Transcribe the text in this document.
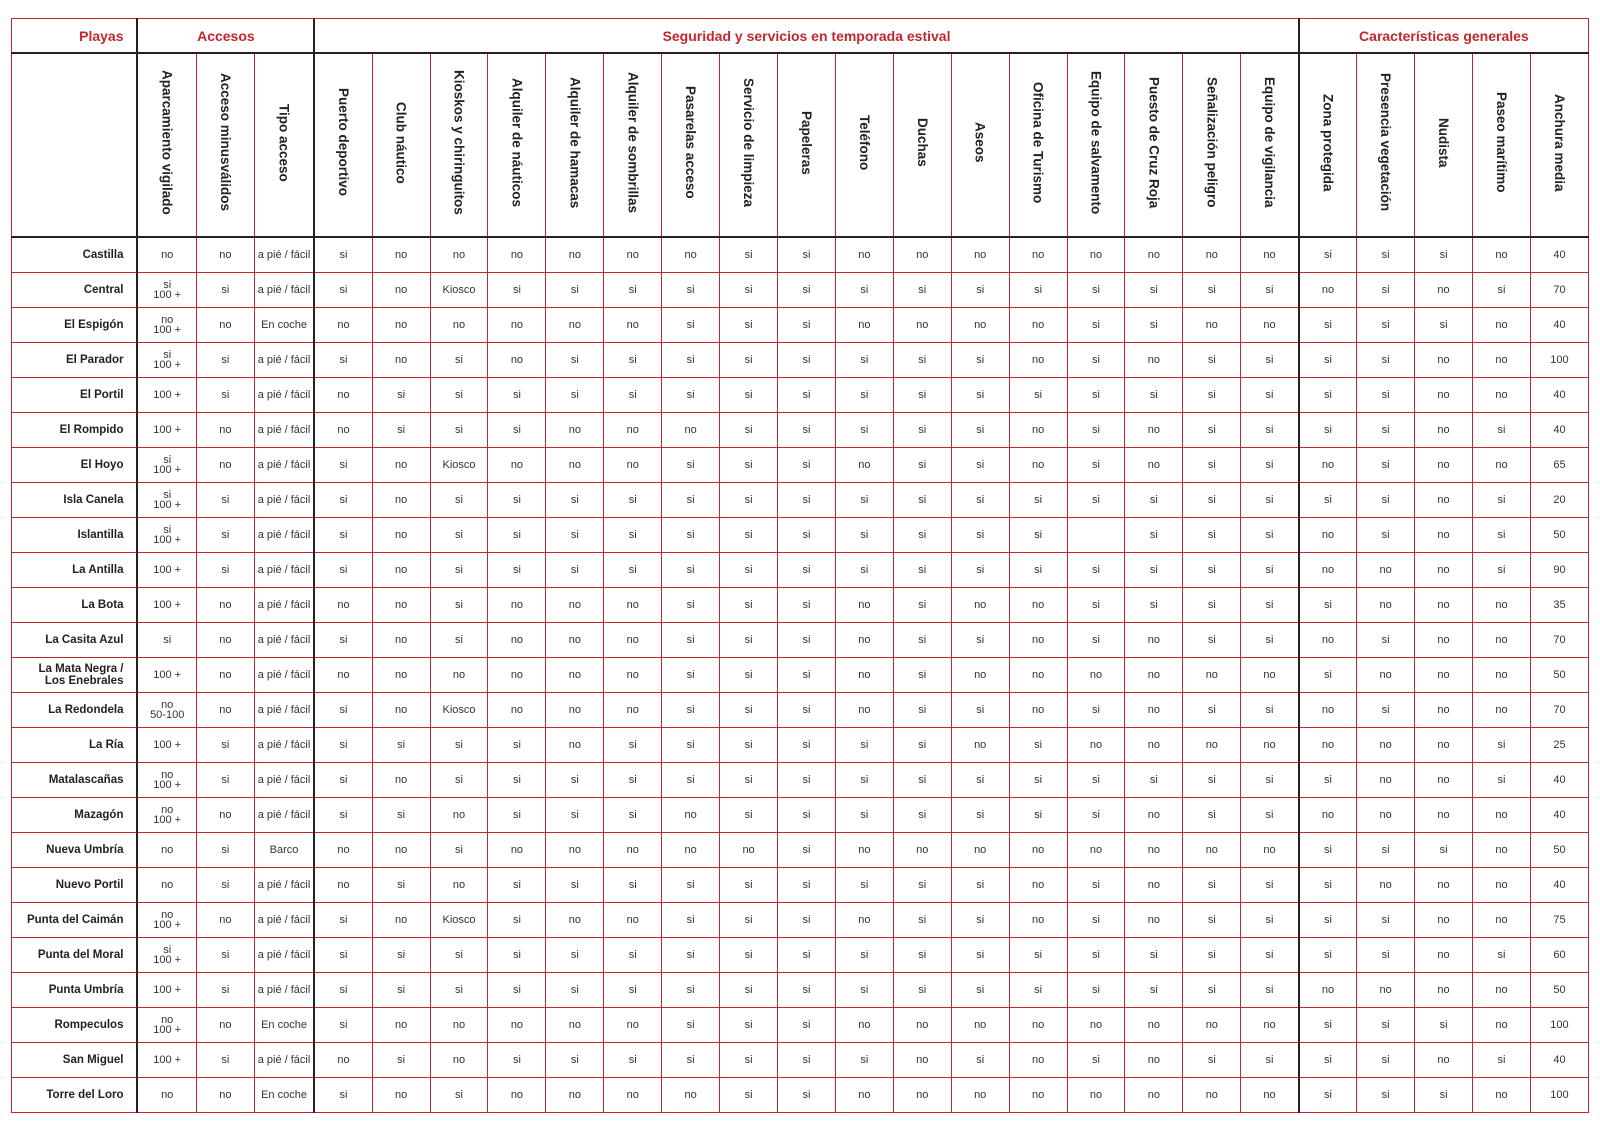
Playas	Accesos			Seguridad y servicios en temporada estival																	Características generales				
	Aparcamiento vigilado	Acceso minusválidos	Tipo acceso	Puerto deportivo	Club náutico	Kioskos y chiringuitos	Alquiler de náuticos	Alquiler de hamacas	Alquiler de sombrillas	Pasarelas acceso	Servicio de limpieza	Papeleras	Teléfono	Duchas	Aseos	Oficina de Turismo	Equipo de salvamento	Puesto de Cruz Roja	Señalización peligro	Equipo de vigilancia	Zona protegida	Presencia vegetación	Nudista	Paseo marítimo	Anchura media
Castilla	no	no	a pié / fácil	si	no	no	no	no	no	no	si	si	no	no	no	no	no	no	no	no	si	si	si	no	40
Central	si
100 +	si	a pié / fácil	si	no	Kiosco	si	si	si	si	si	si	si	si	si	si	si	si	si	si	no	si	no	si	70
El Espigón	no
100 +	no	En coche	no	no	no	no	no	no	si	si	si	no	no	no	no	si	si	no	no	si	si	si	no	40
El Parador	si
100 +	si	a pié / fácil	si	no	si	no	si	si	si	si	si	si	si	si	no	si	no	si	si	si	si	no	no	100
El Portil	100 +	si	a pié / fácil	no	si	si	si	si	si	si	si	si	si	si	si	si	si	si	si	si	si	si	no	no	40
El Rompido	100 +	no	a pié / fácil	no	si	si	si	no	no	no	si	si	si	si	si	no	si	no	si	si	si	si	no	si	40
El Hoyo	si
100 +	no	a pié / fácil	si	no	Kiosco	no	no	no	si	si	si	no	si	si	no	si	no	si	si	no	si	no	no	65
Isla Canela	si
100 +	si	a pié / fácil	si	no	si	si	si	si	si	si	si	si	si	si	si	si	si	si	si	si	si	no	si	20
Islantilla	si
100 +	si	a pié / fácil	si	no	si	si	si	si	si	si	si	si	si	si	si		si	si	si	no	si	no	si	50
La Antilla	100 +	si	a pié / fácil	si	no	si	si	si	si	si	si	si	si	si	si	si	si	si	si	si	no	no	no	si	90
La Bota	100 +	no	a pié / fácil	no	no	si	no	no	no	si	si	si	no	si	no	no	si	si	si	si	si	no	no	no	35
La Casita Azul	si	no	a pié / fácil	si	no	si	no	no	no	si	si	si	no	si	si	no	si	no	si	si	no	si	no	no	70
La Mata Negra /
Los Enebrales	100 +	no	a pié / fácil	no	no	no	no	no	no	si	si	si	no	si	no	no	no	no	no	no	si	no	no	no	50
La Redondela	no
50-100	no	a pié / fácil	si	no	Kiosco	no	no	no	si	si	si	no	si	si	no	si	no	si	si	no	si	no	no	70
La Ría	100 +	si	a pié / fácil	si	si	si	si	no	si	si	si	si	si	si	no	si	no	no	no	no	no	no	no	si	25
Matalascañas	no
100 +	si	a pié / fácil	si	no	si	si	si	si	si	si	si	si	si	si	si	si	si	si	si	si	no	no	si	40
Mazagón	no
100 +	no	a pié / fácil	si	si	no	si	si	si	no	si	si	si	si	si	si	si	no	si	si	no	no	no	no	40
Nueva Umbría	no	si	Barco	no	no	si	no	no	no	no	no	si	no	no	no	no	no	no	no	no	si	si	si	no	50
Nuevo Portil	no	si	a pié / fácil	no	si	no	si	si	si	si	si	si	si	si	si	no	si	no	si	si	si	no	no	no	40
Punta del Caimán	no
100 +	no	a pié / fácil	si	no	Kiosco	si	no	no	si	si	si	no	si	si	no	si	no	si	si	si	si	no	no	75
Punta del Moral	si
100 +	si	a pié / fácil	si	si	si	si	si	si	si	si	si	si	si	si	si	si	si	si	si	si	si	no	si	60
Punta Umbría	100 +	si	a pié / fácil	si	si	si	si	si	si	si	si	si	si	si	si	si	si	si	si	si	no	no	no	no	50
Rompeculos	no
100 +	no	En coche	si	no	no	no	no	no	si	si	si	no	no	no	no	no	no	no	no	si	si	si	no	100
San Miguel	100 +	si	a pié / fácil	no	si	no	si	si	si	si	si	si	si	no	si	no	si	no	si	si	si	si	no	si	40
Torre del Loro	no	no	En coche	si	no	si	no	no	no	no	si	si	no	no	no	no	no	no	no	no	si	si	si	no	100
